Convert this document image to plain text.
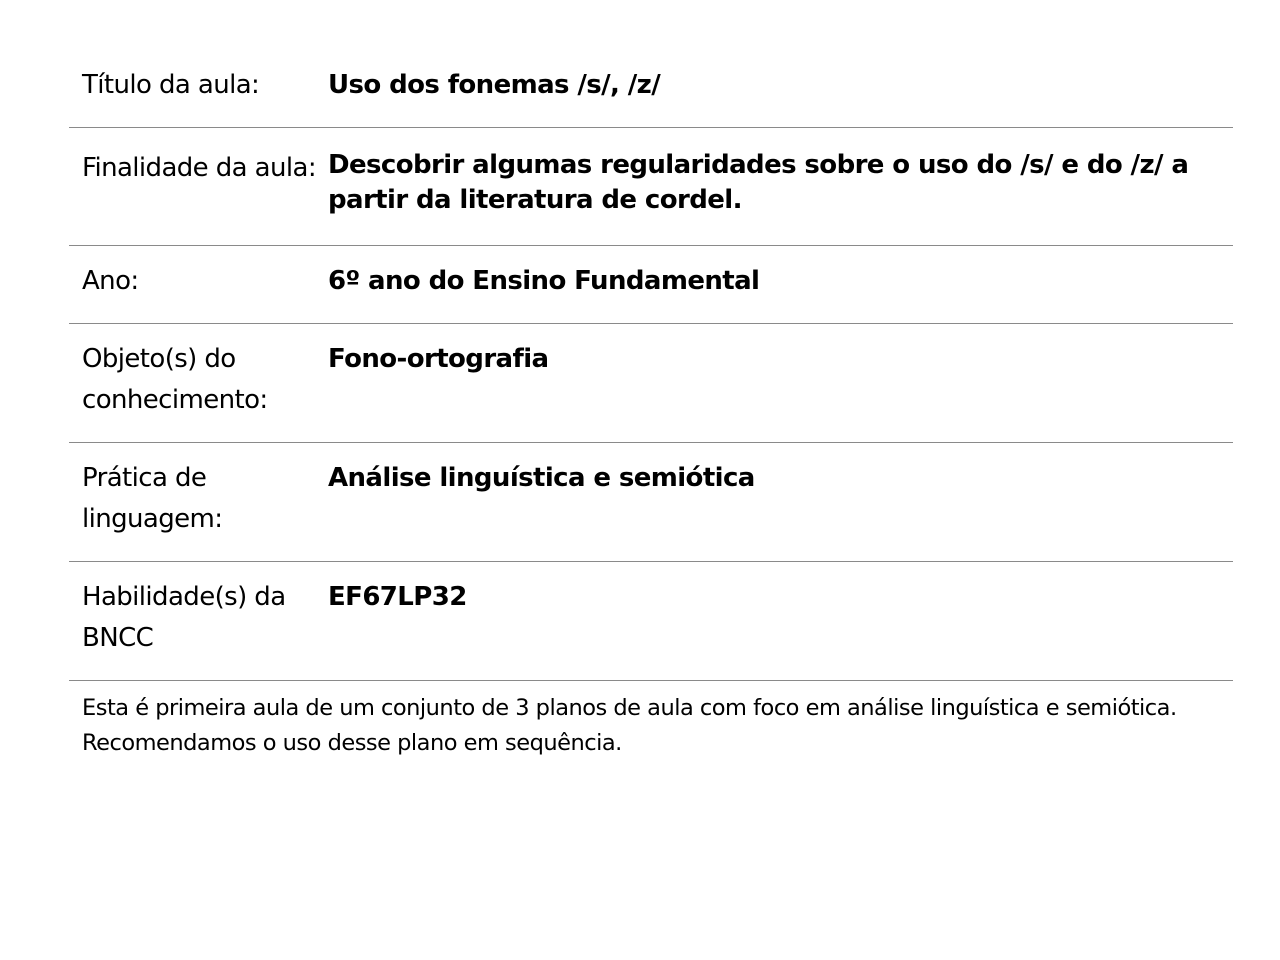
Título da aula:	Uso dos fonemas /s/, /z/
Finalidade da aula: Descobrir algumas regularidades sobre o uso do /s/ e do /z/ a partir da literatura de cordel.
Ano:	6º ano do Ensino Fundamental
Objeto(s) do conhecimento:
Fono-ortografia
Prática de linguagem:
Análise linguística e semiótica
Habilidade(s) da BNCC
EF67LP32
Esta é primeira aula de um conjunto de 3 planos de aula com foco em análise linguística e semiótica. Recomendamos o uso desse plano em sequência.
